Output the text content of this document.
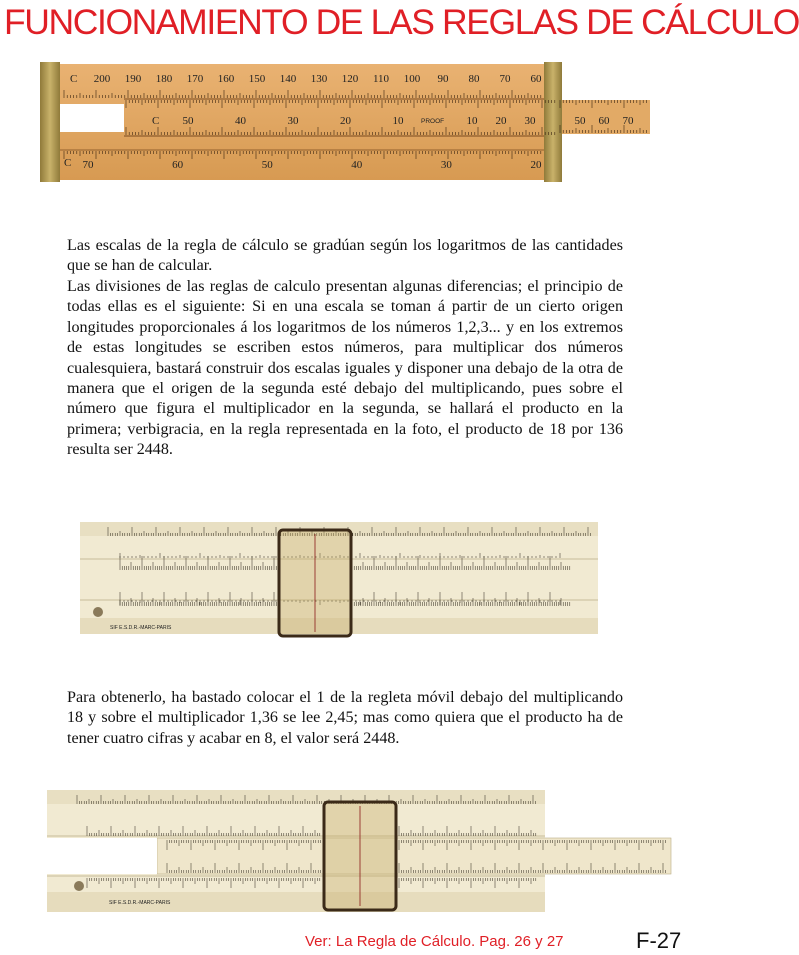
FUNCIONAMIENTO DE LAS REGLAS DE CÁLCULO
C 200 190 180 170 160 150 140 130 120 110 100 90 80 70 60
C 50	40	30	20	10	PROOF 10 20 30	50 60 70
C 70	60	50	40	30	20

Las escalas de la regla de cálculo se gradúan según los logaritmos de las cantidades que se han de calcular.

Las divisiones de las reglas de calculo presentan algunas diferencias; el principio de todas ellas es el siguiente: Si en una escala se toman á partir de un cierto origen longitudes proporcionales á los logaritmos de los números 1,2,3... y en los extremos de estas longitudes se escriben estos números, para multiplicar dos números cualesquiera, bastará construir dos escalas iguales y disponer una debajo de la otra de manera que el origen de la segunda esté debajo del multiplicando, pues sobre el número que figura el multiplicador en la segunda, se hallará el producto en la primera; verbigracia, en la regla representada en la foto, el producto de 18 por 136 resulta ser 2448.

SIF E.S.D.R.-MARC-PARIS

Para obtenerlo, ha bastado colocar el 1 de la regleta móvil debajo del multiplicando 18 y sobre el multiplicador 1,36 se lee 2,45; mas como quiera que el producto ha de tener cuatro cifras y acabar en 8, el valor será 2448.

SIF E.S.D.R.-MARC-PARIS
Ver: La Regla de Cálculo. Pag. 26 y 27	F-27
